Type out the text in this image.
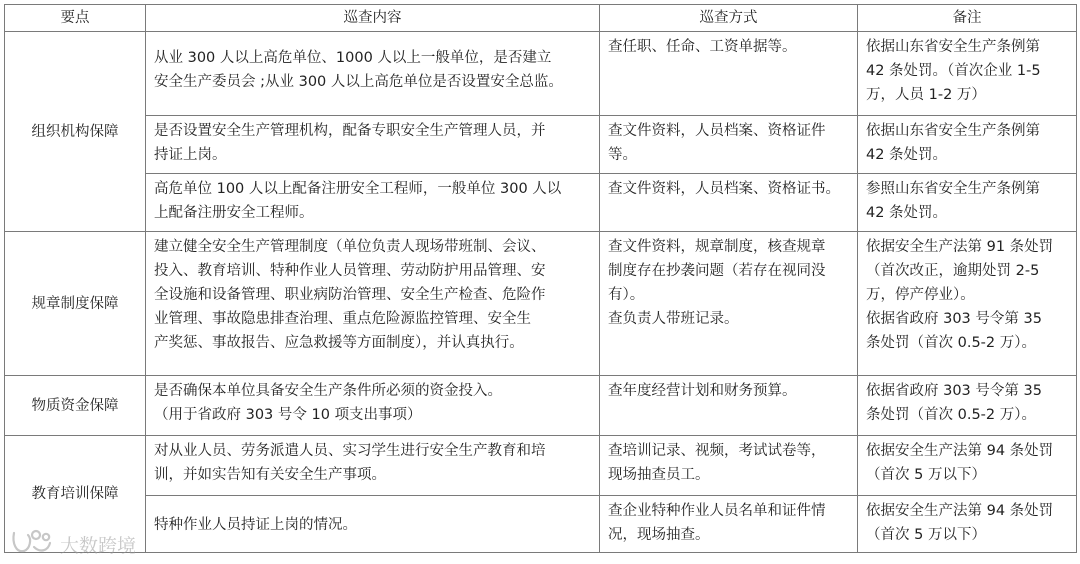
要点	巡查内容	巡查方式	备注
组织机构保障	从业 300 人以上高危单位、1000 人以上一般单位，是否建立
安全生产委员会 ;从业 300 人以上高危单位是否设置安全总监。	查任职、任命、工资单据等。	依据山东省安全生产条例第
42 条处罚。（首次企业 1-5
万，人员 1-2 万）

	是否设置安全生产管理机构，配备专职安全生产管理人员，并
持证上岗。	查文件资料，人员档案、资格证件
等。	依据山东省安全生产条例第
42 条处罚。

	高危单位 100 人以上配备注册安全工程师，一般单位 300 人以
上配备注册安全工程师。	查文件资料，人员档案、资格证书。	参照山东省安全生产条例第
42 条处罚。

规章制度保障	建立健全安全生产管理制度（单位负责人现场带班制、会议、
投入、教育培训、特种作业人员管理、劳动防护用品管理、安
全设施和设备管理、职业病防治管理、安全生产检查、危险作
业管理、事故隐患排查治理、重点危险源监控管理、安全生
产奖惩、事故报告、应急救援等方面制度），并认真执行。	查文件资料，规章制度，核查规章
制度存在抄袭问题（若存在视同没
有）。
查负责人带班记录。	依据安全生产法第 91 条处罚
（首次改正，逾期处罚 2-5
万，停产停业）。
依据省政府 303 号令第 35
条处罚（首次 0.5-2 万）。

物质资金保障	是否确保本单位具备安全生产条件所必须的资金投入。
（用于省政府 303 号令 10 项支出事项）	查年度经营计划和财务预算。	依据省政府 303 号令第 35
条处罚（首次 0.5-2 万）。

教育培训保障	对从业人员、劳务派遣人员、实习学生进行安全生产教育和培
训，并如实告知有关安全生产事项。	查培训记录、视频，考试试卷等，
现场抽查员工。	依据安全生产法第 94 条处罚
（首次 5 万以下）

	特种作业人员持证上岗的情况。	查企业特种作业人员名单和证件情
况，现场抽查。	依据安全生产法第 94 条处罚
（首次 5 万以下）
大数跨境
